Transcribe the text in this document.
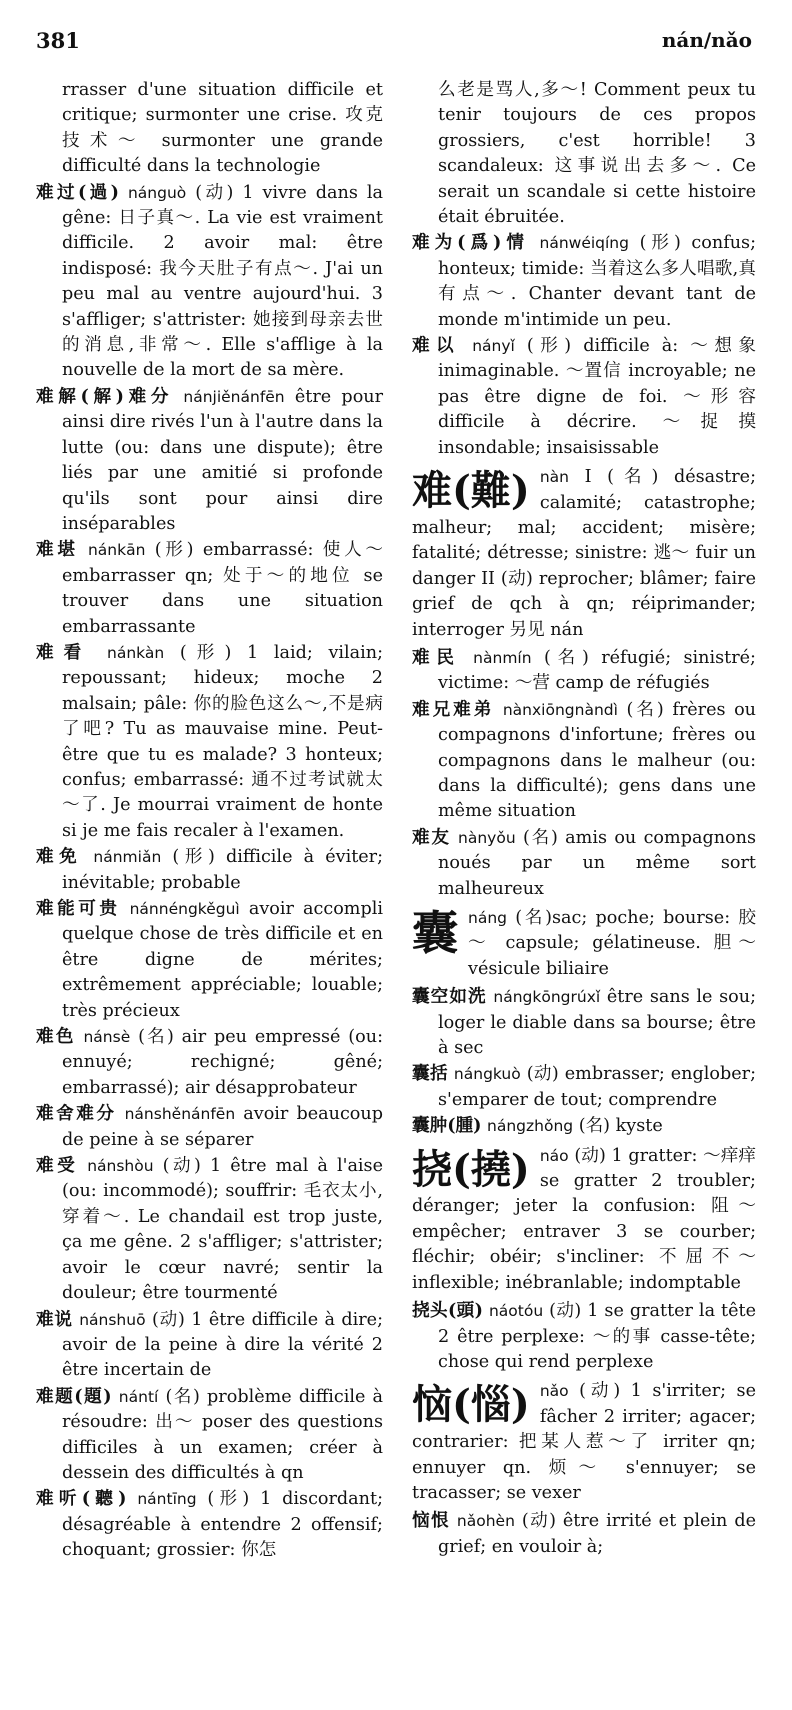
381	nán/nǎo

rrasser d'une situation difficile et critique; surmonter une crise. 攻克技术～ surmonter une grande difficulté dans la technologie

难过(過) nánguò (动) 1 vivre dans la gêne: 日子真～. La vie est vraiment difficile. 2 avoir mal: être indisposé: 我今天肚子有点～. J'ai un peu mal au ventre aujourd'hui. 3 s'affliger; s'attrister: 她接到母亲去世的消息,非常～. Elle s'afflige à la nouvelle de la mort de sa mère.

难解(解)难分 nánjiěnánfēn être pour ainsi dire rivés l'un à l'autre dans la lutte (ou: dans une dispute); être liés par une amitié si profonde qu'ils sont pour ainsi dire inséparables

难堪 nánkān (形) embarrassé: 使人～ embarrasser qn; 处于～的地位 se trouver dans une situation embarrassante

难看 nánkàn (形) 1 laid; vilain; repoussant; hideux; moche 2 malsain; pâle: 你的脸色这么～,不是病了吧? Tu as mauvaise mine. Peut-être que tu es malade? 3 honteux; confus; embarrassé: 通不过考试就太～了. Je mourrai vraiment de honte si je me fais recaler à l'examen.

难免 nánmiǎn (形) difficile à éviter; inévitable; probable

难能可贵 nánnéngkěguì avoir accompli quelque chose de très difficile et en être digne de mérites; extrêmement appréciable; louable; très précieux

难色 nánsè (名) air peu empressé (ou: ennuyé; rechigné; gêné; embarrassé); air désapprobateur

难舍难分 nánshěnánfēn avoir beaucoup de peine à se séparer

难受 nánshòu (动) 1 être mal à l'aise (ou: incommodé); souffrir: 毛衣太小,穿着～. Le chandail est trop juste, ça me gêne. 2 s'affliger; s'attrister; avoir le cœur navré; sentir la douleur; être tourmenté

难说 nánshuō (动) 1 être difficile à dire; avoir de la peine à dire la vérité 2 être incertain de

难题(題) nántí (名) problème difficile à résoudre: 出～ poser des questions difficiles à un examen; créer à dessein des difficultés à qn

难听(聽) nántīng (形) 1 discordant; désagréable à entendre 2 offensif; choquant; grossier: 你怎

么老是骂人,多～! Comment peux tu tenir toujours de ces propos grossiers, c'est horrible! 3 scandaleux: 这事说出去多～. Ce serait un scandale si cette histoire était ébruitée.

难为(爲)情 nánwéiqíng (形) confus; honteux; timide: 当着这么多人唱歌,真有点～. Chanter devant tant de monde m'intimide un peu.

难以 nányǐ (形) difficile à: ～想象 inimaginable. ～置信 incroyable; ne pas être digne de foi. ～形容 difficile à décrire. ～捉摸 insondable; insaisissable

难(難) nàn I (名) désastre; calamité; catastrophe; malheur; mal; accident; misère; fatalité; détresse; sinistre: 逃～ fuir un danger II (动) reprocher; blâmer; faire grief de qch à qn; réiprimander; interroger 另见 nán

难民 nànmín (名) réfugié; sinistré; victime: ～营 camp de réfugiés

难兄难弟 nànxiōngnàndì (名) frères ou compagnons d'infortune; frères ou compagnons dans le malheur (ou: dans la difficulté); gens dans une même situation

难友 nànyǒu (名) amis ou compagnons noués par un même sort malheureux

囊náng (名)sac; poche; bourse: 胶～ capsule; gélatineuse. 胆～ vésicule biliaire

囊空如洗 nángkōngrúxǐ être sans le sou; loger le diable dans sa bourse; être à sec

囊括 nángkuò (动) embrasser; englober; s'emparer de tout; comprendre

囊肿(腫) nángzhǒng (名) kyste

挠(撓) náo (动) 1 gratter: ～痒痒 se gratter 2 troubler; déranger; jeter la confusion: 阻～ empêcher; entraver 3 se courber; fléchir; obéir; s'incliner: 不屈不～ inflexible; inébranlable; indomptable

挠头(頭) náotóu (动) 1 se gratter la tête 2 être perplexe: ～的事 casse-tête; chose qui rend perplexe

恼(惱) nǎo (动) 1 s'irriter; se fâcher 2 irriter; agacer; contrarier: 把某人惹～了 irriter qn; ennuyer qn. 烦～ s'ennuyer; se tracasser; se vexer

恼恨 nǎohèn (动) être irrité et plein de grief; en vouloir à;
